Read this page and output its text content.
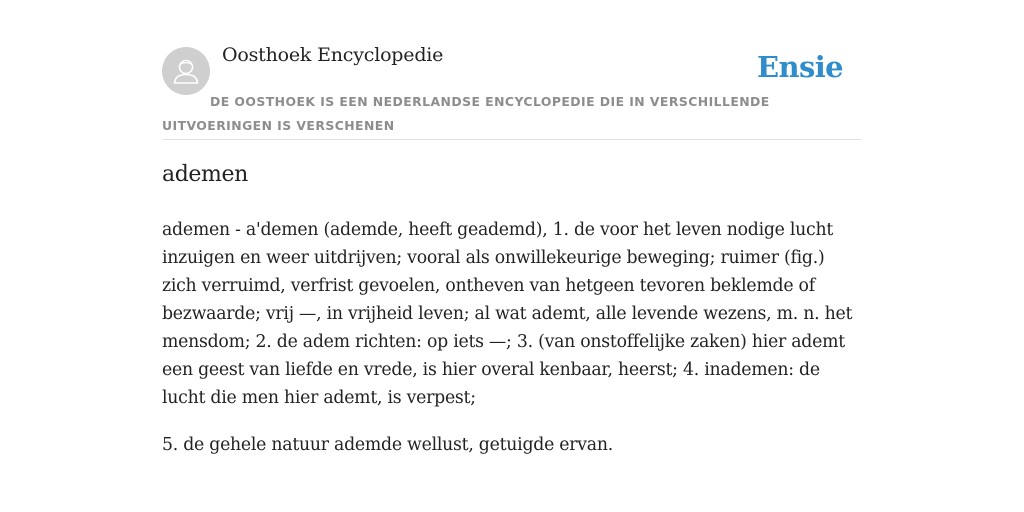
Oosthoek Encyclopedie	Ensie
DE OOSTHOEK IS EEN NEDERLANDSE ENCYCLOPEDIE DIE IN VERSCHILLENDE UITVOERINGEN IS VERSCHENEN
ademen

ademen - a'demen (ademde, heeft geademd), 1. de voor het leven nodige lucht inzuigen en weer uitdrijven; vooral als onwillekeurige beweging; ruimer (fig.) zich verruimd, verfrist gevoelen, ontheven van hetgeen tevoren beklemde of bezwaarde; vrij —, in vrijheid leven; al wat ademt, alle levende wezens, m. n. het mensdom; 2. de adem richten: op iets —; 3. (van onstoffelijke zaken) hier ademt een geest van liefde en vrede, is hier overal kenbaar, heerst; 4. inademen: de lucht die men hier ademt, is verpest;

5. de gehele natuur ademde wellust, getuigde ervan.
